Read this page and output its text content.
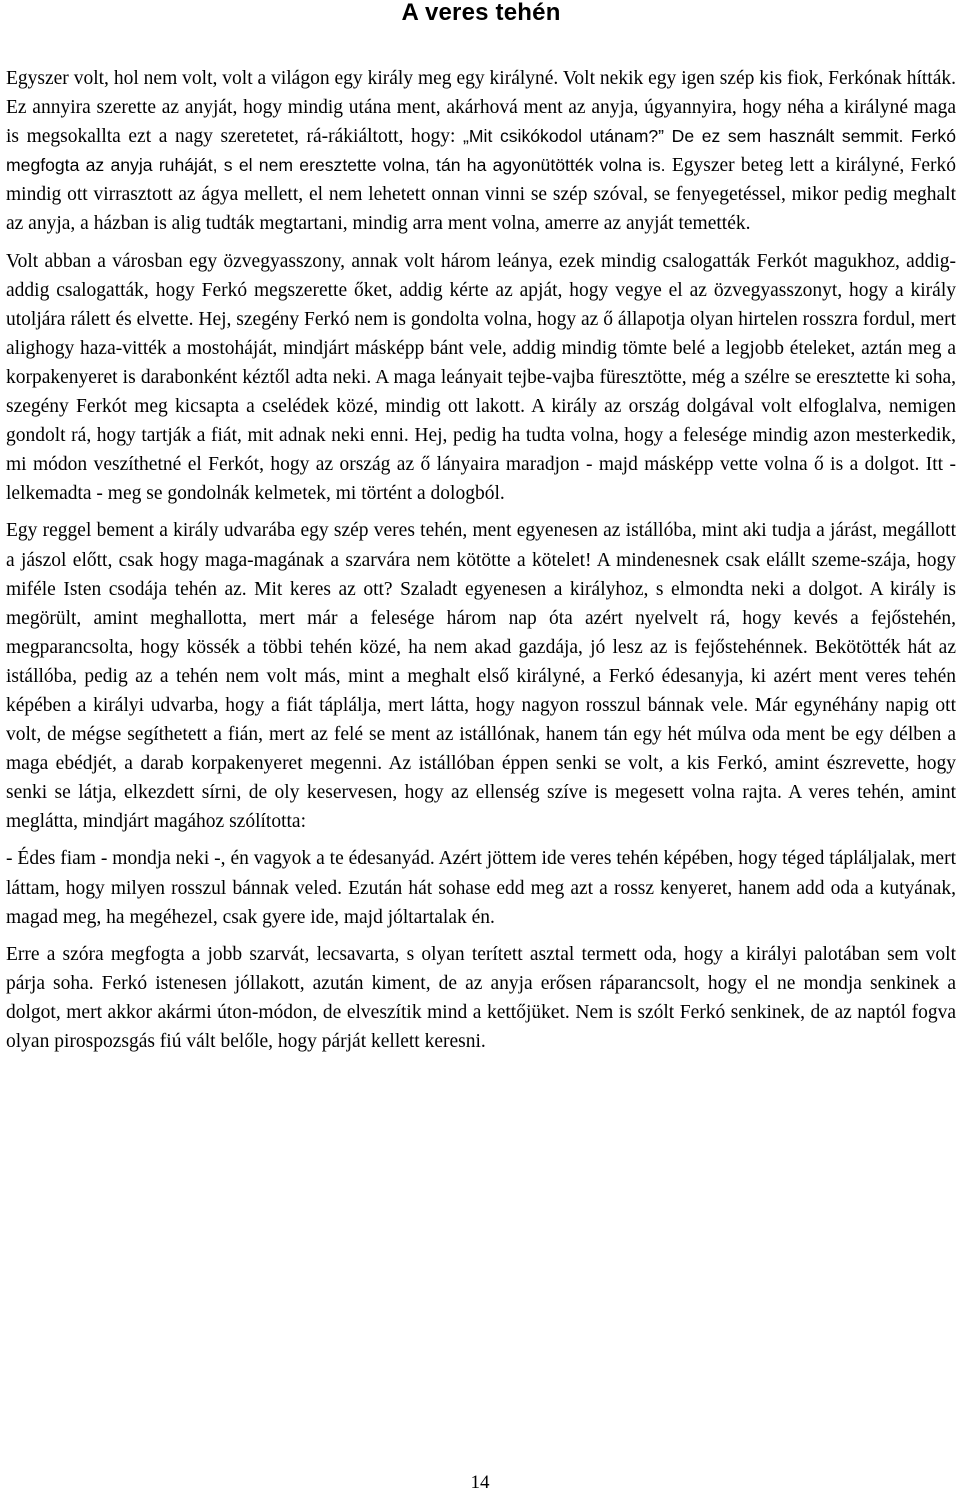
A veres tehén

Egyszer volt, hol nem volt, volt a világon egy király meg egy királyné. Volt nekik egy igen szép kis fiok, Ferkónak hítták. Ez annyira szerette az anyját, hogy mindig utána ment, akárhová ment az anyja, úgyannyira, hogy néha a királyné maga is megsokallta ezt a nagy szeretetet, rá-rákiáltott, hogy: „Mit csikókodol utánam?” De ez sem használt semmit. Ferkó megfogta az anyja ruháját, s el nem eresztette volna, tán ha agyonütötték volna is. Egyszer beteg lett a királyné, Ferkó mindig ott virrasztott az ágya mellett, el nem lehetett onnan vinni se szép szóval, se fenyegetéssel, mikor pedig meghalt az anyja, a házban is alig tudták megtartani, mindig arra ment volna, amerre az anyját temették.

Volt abban a városban egy özvegyasszony, annak volt három leánya, ezek mindig csalogatták Ferkót magukhoz, addig-addig csalogatták, hogy Ferkó megszerette őket, addig kérte az apját, hogy vegye el az özvegyasszonyt, hogy a király utoljára rálett és elvette. Hej, szegény Ferkó nem is gondolta volna, hogy az ő állapotja olyan hirtelen rosszra fordul, mert alighogy haza-vitték a mostoháját, mindjárt másképp bánt vele, addig mindig tömte belé a legjobb ételeket, aztán meg a korpakenyeret is darabonként kéztől adta neki. A maga leányait tejbe-vajba füresztötte, még a szélre se eresztette ki soha, szegény Ferkót meg kicsapta a cselédek közé, mindig ott lakott. A király az ország dolgával volt elfoglalva, nemigen gondolt rá, hogy tartják a fiát, mit adnak neki enni. Hej, pedig ha tudta volna, hogy a felesége mindig azon mesterkedik, mi módon veszíthetné el Ferkót, hogy az ország az ő lányaira maradjon - majd másképp vette volna ő is a dolgot. Itt - lelkemadta - meg se gondolnák kelmetek, mi történt a dologból.

Egy reggel bement a király udvarába egy szép veres tehén, ment egyenesen az istállóba, mint aki tudja a járást, megállott a jászol előtt, csak hogy maga-magának a szarvára nem kötötte a kötelet! A mindenesnek csak elállt szeme-szája, hogy miféle Isten csodája tehén az. Mit keres az ott? Szaladt egyenesen a királyhoz, s elmondta neki a dolgot. A király is megörült, amint meghallotta, mert már a felesége három nap óta azért nyelvelt rá, hogy kevés a fejőstehén, megparancsolta, hogy kössék a többi tehén közé, ha nem akad gazdája, jó lesz az is fejőstehénnek. Bekötötték hát az istállóba, pedig az a tehén nem volt más, mint a meghalt első királyné, a Ferkó édesanyja, ki azért ment veres tehén képében a királyi udvarba, hogy a fiát táplálja, mert látta, hogy nagyon rosszul bánnak vele. Már egynéhány napig ott volt, de mégse segíthetett a fián, mert az felé se ment az istállónak, hanem tán egy hét múlva oda ment be egy délben a maga ebédjét, a darab korpakenyeret megenni. Az istállóban éppen senki se volt, a kis Ferkó, amint észrevette, hogy senki se látja, elkezdett sírni, de oly keservesen, hogy az ellenség szíve is megesett volna rajta. A veres tehén, amint meglátta, mindjárt magához szólította:

- Édes fiam - mondja neki -, én vagyok a te édesanyád. Azért jöttem ide veres tehén képében, hogy téged tápláljalak, mert láttam, hogy milyen rosszul bánnak veled. Ezután hát sohase edd meg azt a rossz kenyeret, hanem add oda a kutyának, magad meg, ha megéhezel, csak gyere ide, majd jóltartalak én.

Erre a szóra megfogta a jobb szarvát, lecsavarta, s olyan terített asztal termett oda, hogy a királyi palotában sem volt párja soha. Ferkó istenesen jóllakott, azután kiment, de az anyja erősen ráparancsolt, hogy el ne mondja senkinek a dolgot, mert akkor akármi úton-módon, de elveszítik mind a kettőjüket. Nem is szólt Ferkó senkinek, de az naptól fogva olyan pirospozsgás fiú vált belőle, hogy párját kellett keresni.

14
